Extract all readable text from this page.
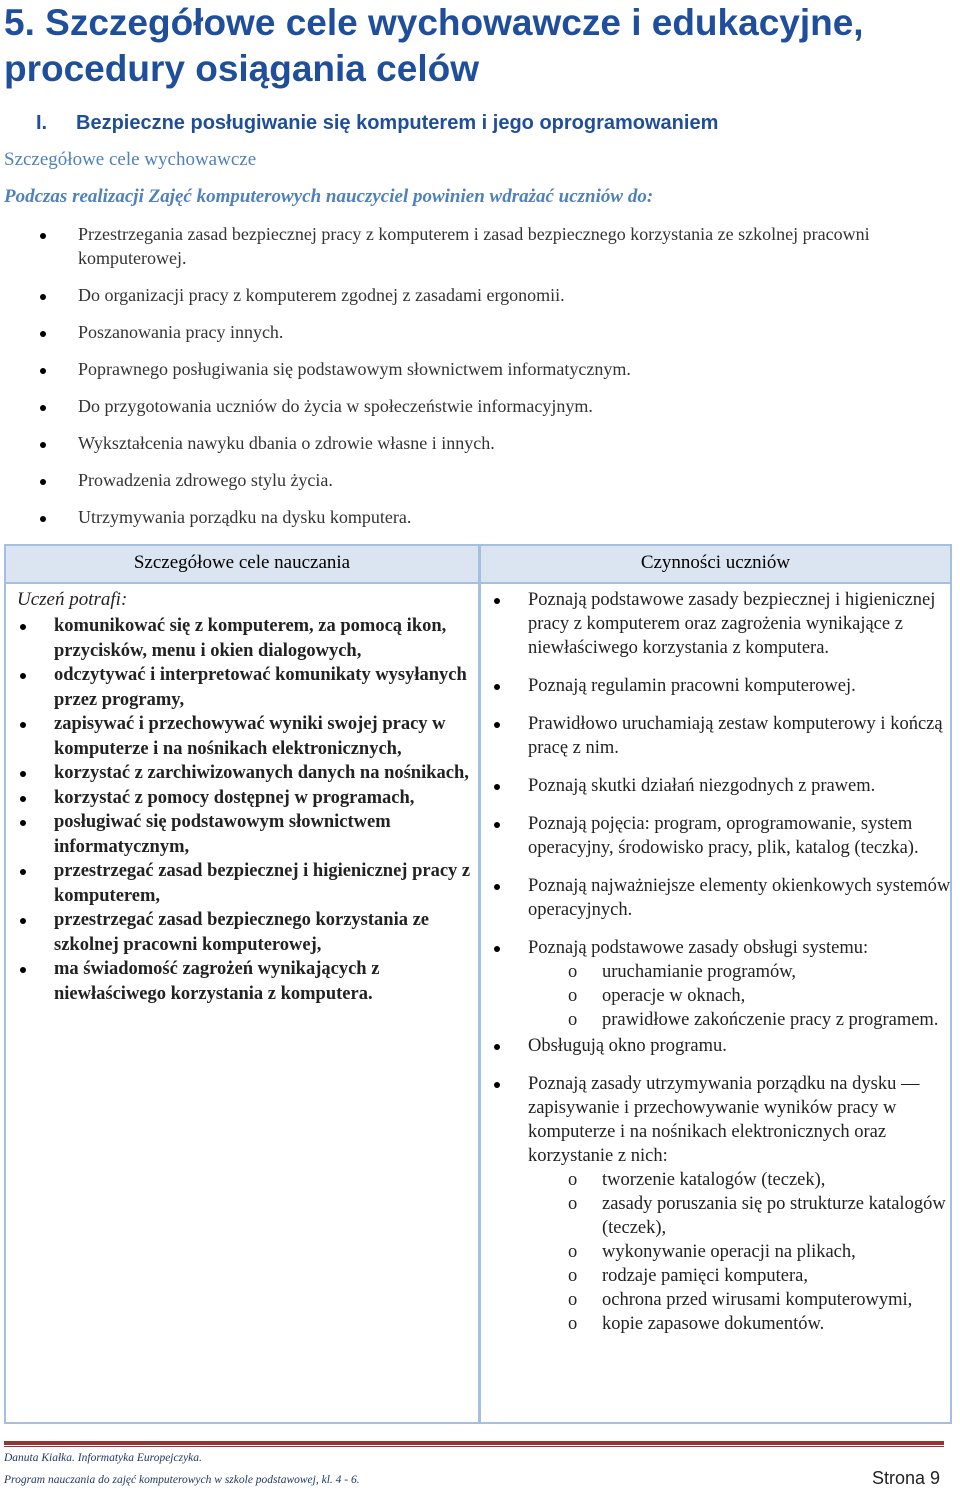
5. Szczegółowe cele wychowawcze i edukacyjne, procedury osiągania celów
I. Bezpieczne posługiwanie się komputerem i jego oprogramowaniem
Szczegółowe cele wychowawcze
Podczas realizacji Zajęć komputerowych nauczyciel powinien wdrażać uczniów do:
Przestrzegania zasad bezpiecznej pracy z komputerem i zasad bezpiecznego korzystania ze szkolnej pracowni komputerowej.
Do organizacji pracy z komputerem zgodnej z zasadami ergonomii.
Poszanowania pracy innych.
Poprawnego posługiwania się podstawowym słownictwem informatycznym.
Do przygotowania uczniów do życia w społeczeństwie informacyjnym.
Wykształcenia nawyku dbania o zdrowie własne i innych.
Prowadzenia zdrowego stylu życia.
Utrzymywania porządku na dysku komputera.
Szczegółowe cele nauczania	Czynności uczniów

Uczeń potrafi:

komunikować się z komputerem, za pomocą ikon, przycisków, menu i okien dialogowych,
odczytywać i interpretować komunikaty wysyłanych przez programy,
zapisywać i przechowywać wyniki swojej pracy w komputerze i na nośnikach elektronicznych,
korzystać z zarchiwizowanych danych na nośnikach,
korzystać z pomocy dostępnej w programach,
posługiwać się podstawowym słownictwem informatycznym,
przestrzegać zasad bezpiecznej i higienicznej pracy z komputerem,
przestrzegać zasad bezpiecznego korzystania ze szkolnej pracowni komputerowej,
ma świadomość zagrożeń wynikających z niewłaściwego korzystania z komputera.
Poznają podstawowe zasady bezpiecznej i higienicznej pracy z komputerem oraz zagrożenia wynikające z niewłaściwego korzystania z komputera.
Poznają regulamin pracowni komputerowej.
Prawidłowo uruchamiają zestaw komputerowy i kończą pracę z nim.
Poznają skutki działań niezgodnych z prawem.
Poznają pojęcia: program, oprogramowanie, system operacyjny, środowisko pracy, plik, katalog (teczka).
Poznają najważniejsze elementy okienkowych systemów operacyjnych.
Poznają podstawowe zasady obsługi systemu:
o uruchamianie programów,
o operacje w oknach,
o prawidłowe zakończenie pracy z programem.
Obsługują okno programu.
Poznają zasady utrzymywania porządku na dysku — zapisywanie i przechowywanie wyników pracy w komputerze i na nośnikach elektronicznych oraz korzystanie z nich:
o tworzenie katalogów (teczek),
o zasady poruszania się po strukturze katalogów (teczek),
o wykonywanie operacji na plikach,
o rodzaje pamięci komputera,
o ochrona przed wirusami komputerowymi,
o kopie zapasowe dokumentów.
Danuta Kiałka. Informatyka Europejczyka.
Program nauczania do zajęć komputerowych w szkole podstawowej, kl. 4 - 6.	Strona 9
